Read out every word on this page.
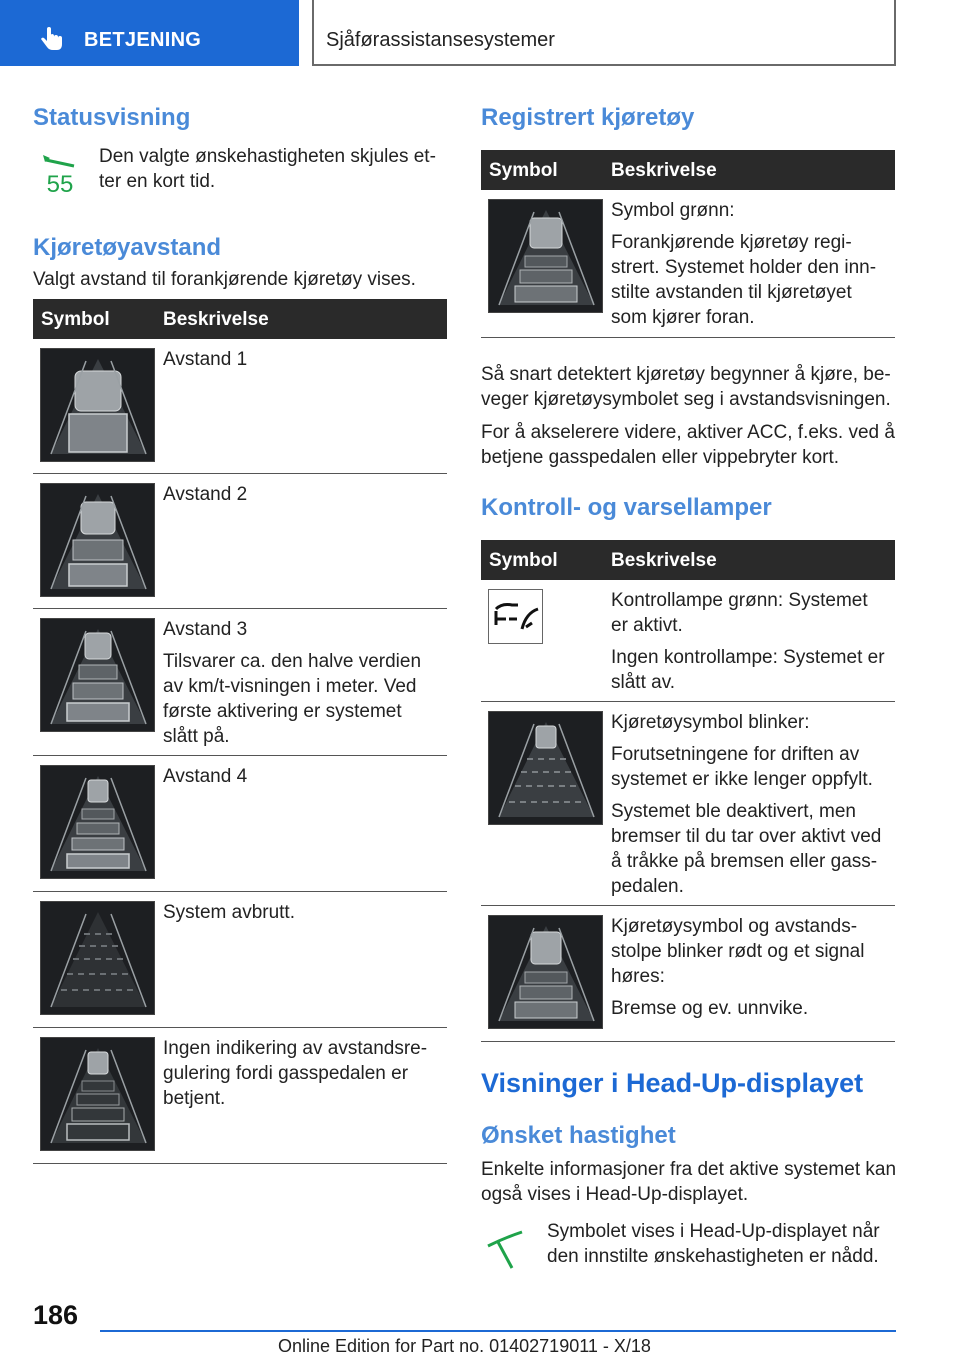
BETJENING	Sjåførassistansesystemer
Statusvisning
55
Den valgte ønskehastigheten skjules et-
ter en kort tid.
Kjøretøyavstand
Valgt avstand til forankjørende kjøretøy vises.
Symbol	Beskrivelse
Avstand 1
Avstand 2

Avstand 3

Tilsvarer ca. den halve verdien
av km/t-visningen i meter. Ved
første aktivering er systemet
slått på.
Avstand 4
System avbrutt.
Ingen indikering av avstandsre-
gulering fordi gasspedalen er
betjent.
Registrert kjøretøy
Symbol	Beskrivelse

Symbol grønn:

Forankjørende kjøretøy regi-
strert. Systemet holder den inn-
stilte avstanden til kjøretøyet
som kjører foran.
Så snart detektert kjøretøy begynner å kjøre, be-
veger kjøretøysymbolet seg i avstandsvisningen.
For å akselerere videre, aktiver ACC, f.eks. ved å
betjene gasspedalen eller vippebryter kort.
Kontroll- og varsellamper
Symbol	Beskrivelse

Kontrollampe grønn: Systemet
er aktivt.

Ingen kontrollampe: Systemet er
slått av.

Kjøretøysymbol blinker:

Forutsetningene for driften av
systemet er ikke lenger oppfylt.

Systemet ble deaktivert, men
bremser til du tar over aktivt ved
å tråkke på bremsen eller gass-
pedalen.

Kjøretøysymbol og avstands-
stolpe blinker rødt og et signal
høres:

Bremse og ev. unnvike.
Visninger i Head-Up-displayet
Ønsket hastighet
Enkelte informasjoner fra det aktive systemet kan
også vises i Head-Up-displayet.
Symbolet vises i Head-Up-displayet når
den innstilte ønskehastigheten er nådd.
186
Online Edition for Part no. 01402719011 - X/18
